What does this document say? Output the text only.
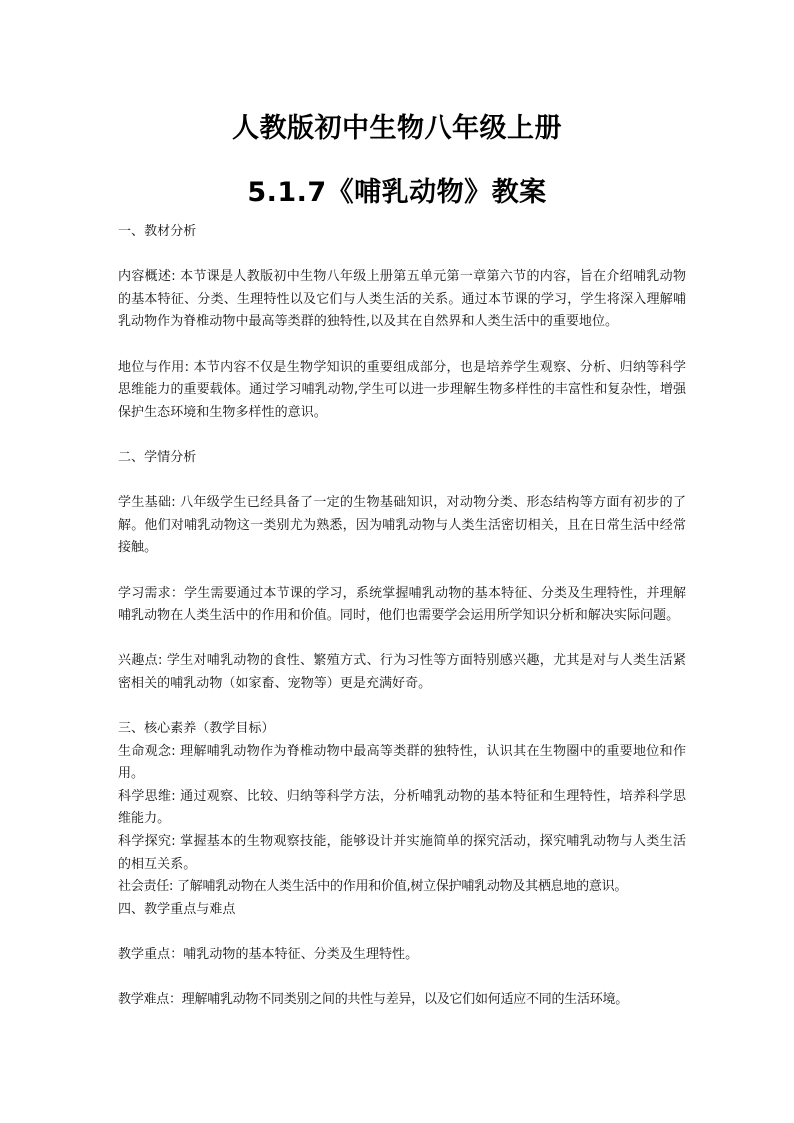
人教版初中生物八年级上册
5.1.7《哺乳动物》教案

一、教材分析

内容概述: 本节课是人教版初中生物八年级上册第五单元第一章第六节的内容，旨在介绍哺乳动物的基本特征、分类、生理特性以及它们与人类生活的关系。通过本节课的学习，学生将深入理解哺乳动物作为脊椎动物中最高等类群的独特性,以及其在自然界和人类生活中的重要地位。

地位与作用: 本节内容不仅是生物学知识的重要组成部分，也是培养学生观察、分析、归纳等科学思维能力的重要载体。通过学习哺乳动物,学生可以进一步理解生物多样性的丰富性和复杂性，增强保护生态环境和生物多样性的意识。

二、学情分析

学生基础: 八年级学生已经具备了一定的生物基础知识，对动物分类、形态结构等方面有初步的了解。他们对哺乳动物这一类别尤为熟悉，因为哺乳动物与人类生活密切相关，且在日常生活中经常接触。

学习需求：学生需要通过本节课的学习，系统掌握哺乳动物的基本特征、分类及生理特性，并理解哺乳动物在人类生活中的作用和价值。同时，他们也需要学会运用所学知识分析和解决实际问题。

兴趣点: 学生对哺乳动物的食性、繁殖方式、行为习性等方面特别感兴趣，尤其是对与人类生活紧密相关的哺乳动物（如家畜、宠物等）更是充满好奇。

三、核心素养（教学目标）

生命观念: 理解哺乳动物作为脊椎动物中最高等类群的独特性，认识其在生物圈中的重要地位和作用。

科学思维: 通过观察、比较、归纳等科学方法，分析哺乳动物的基本特征和生理特性，培养科学思维能力。

科学探究: 掌握基本的生物观察技能，能够设计并实施简单的探究活动，探究哺乳动物与人类生活的相互关系。

社会责任: 了解哺乳动物在人类生活中的作用和价值,树立保护哺乳动物及其栖息地的意识。

四、教学重点与难点

教学重点：哺乳动物的基本特征、分类及生理特性。

教学难点：理解哺乳动物不同类别之间的共性与差异，以及它们如何适应不同的生活环境。
